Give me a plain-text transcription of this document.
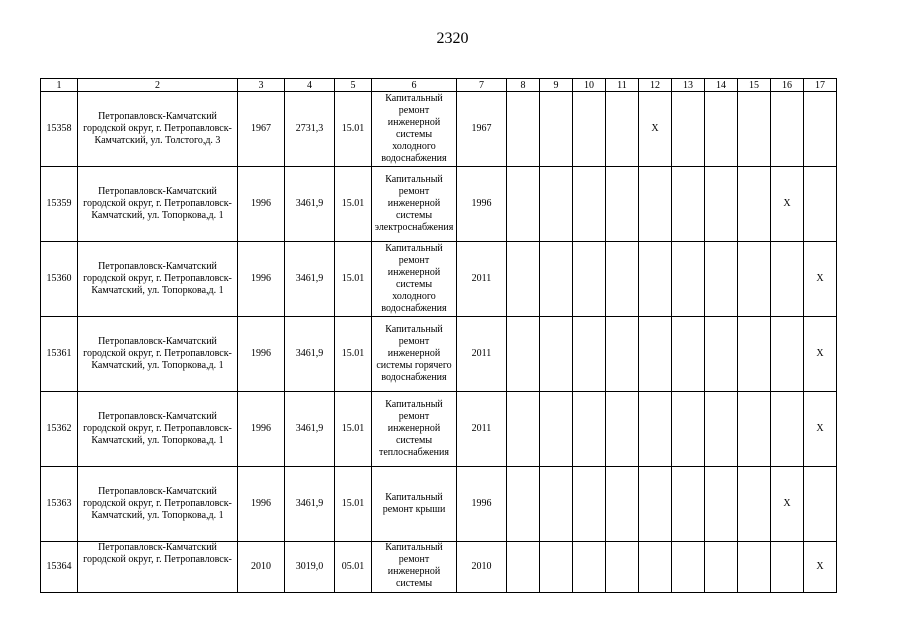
2320
1	2	3	4	5	6	7	8	9	10	11	12	13	14	15	16	17
15358	Петропавловск-Камчатский городской округ, г. Петропавловск-Камчатский, ул. Толстого,д. 3	1967	2731,3	15.01	Капитальный ремонт инженерной системы холодного водоснабжения	1967					X					
15359	Петропавловск-Камчатский городской округ, г. Петропавловск-Камчатский, ул. Топоркова,д. 1	1996	3461,9	15.01	Капитальный ремонт инженерной системы электроснабжения	1996									X	
15360	Петропавловск-Камчатский городской округ, г. Петропавловск-Камчатский, ул. Топоркова,д. 1	1996	3461,9	15.01	Капитальный ремонт инженерной системы холодного водоснабжения	2011										X
15361	Петропавловск-Камчатский городской округ, г. Петропавловск-Камчатский, ул. Топоркова,д. 1	1996	3461,9	15.01	Капитальный ремонт инженерной системы горячего водоснабжения	2011										X
15362	Петропавловск-Камчатский городской округ, г. Петропавловск-Камчатский, ул. Топоркова,д. 1	1996	3461,9	15.01	Капитальный ремонт инженерной системы теплоснабжения	2011										X
15363	Петропавловск-Камчатский городской округ, г. Петропавловск-Камчатский, ул. Топоркова,д. 1	1996	3461,9	15.01	Капитальный ремонт крыши	1996									X	
15364	Петропавловск-Камчатский городской округ, г. Петропавловск-	2010	3019,0	05.01	Капитальный ремонт инженерной системы	2010										X
